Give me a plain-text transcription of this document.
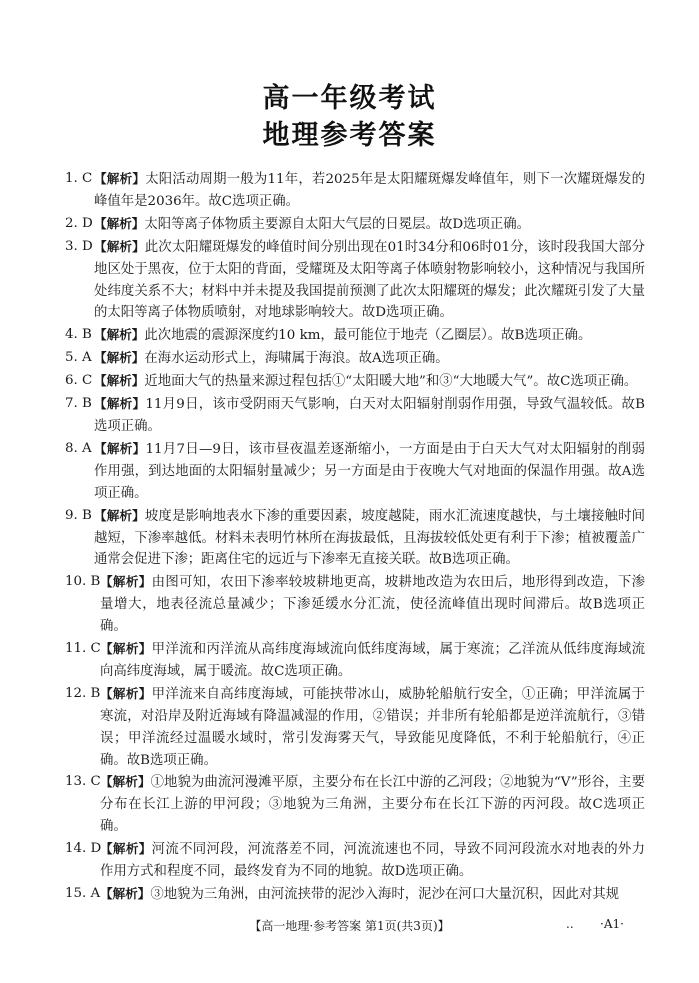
高一年级考试
地理参考答案
1. C 【解析】太阳活动周期一般为11年，若2025年是太阳耀斑爆发峰值年，则下一次耀斑爆发的峰值年是2036年。故C选项正确。
2. D 【解析】太阳等离子体物质主要源自太阳大气层的日冕层。故D选项正确。
3. D 【解析】此次太阳耀斑爆发的峰值时间分别出现在01时34分和06时01分，该时段我国大部分地区处于黑夜，位于太阳的背面，受耀斑及太阳等离子体喷射物影响较小，这种情况与我国所处纬度关系不大；材料中并未提及我国提前预测了此次太阳耀斑的爆发；此次耀斑引发了大量的太阳等离子体物质喷射，对地球影响较大。故D选项正确。
4. B 【解析】此次地震的震源深度约10 km，最可能位于地壳（乙圈层）。故B选项正确。
5. A 【解析】在海水运动形式上，海啸属于海浪。故A选项正确。
6. C 【解析】近地面大气的热量来源过程包括①“太阳暖大地”和③“大地暖大气”。故C选项正确。
7. B 【解析】11月9日，该市受阴雨天气影响，白天对太阳辐射削弱作用强，导致气温较低。故B选项正确。
8. A 【解析】11月7日—9日，该市昼夜温差逐渐缩小，一方面是由于白天大气对太阳辐射的削弱作用强，到达地面的太阳辐射量减少；另一方面是由于夜晚大气对地面的保温作用强。故A选项正确。
9. B 【解析】坡度是影响地表水下渗的重要因素，坡度越陡，雨水汇流速度越快，与土壤接触时间越短，下渗率越低。材料未表明竹林所在海拔最低，且海拔较低处更有利于下渗；植被覆盖广通常会促进下渗；距离住宅的远近与下渗率无直接关联。故B选项正确。
10. B 【解析】由图可知，农田下渗率较坡耕地更高，坡耕地改造为农田后，地形得到改造，下渗量增大，地表径流总量减少；下渗延缓水分汇流，使径流峰值出现时间滞后。故B选项正确。
11. C 【解析】甲洋流和丙洋流从高纬度海域流向低纬度海域，属于寒流；乙洋流从低纬度海域流向高纬度海域，属于暖流。故C选项正确。
12. B 【解析】甲洋流来自高纬度海域，可能挟带冰山，威胁轮船航行安全，①正确；甲洋流属于寒流，对沿岸及附近海域有降温减湿的作用，②错误；并非所有轮船都是逆洋流航行，③错误；甲洋流经过温暖水域时，常引发海雾天气，导致能见度降低，不利于轮船航行，④正确。故B选项正确。
13. C 【解析】①地貌为曲流河漫滩平原，主要分布在长江中游的乙河段；②地貌为“V”形谷，主要分布在长江上游的甲河段；③地貌为三角洲，主要分布在长江下游的丙河段。故C选项正确。
14. D
【解析】河流不同河段，河流落差不同，河流流速也不同，导致不同河段流水对地表的外力作用方式和程度不同，最终发育为不同的地貌。故D选项正确。
15. A 【解析】③地貌为三角洲，由河流挟带的泥沙入海时，泥沙在河口大量沉积，因此对其规
【高一地理·参考答案 第1页(共3页)】	.. ·A1·
